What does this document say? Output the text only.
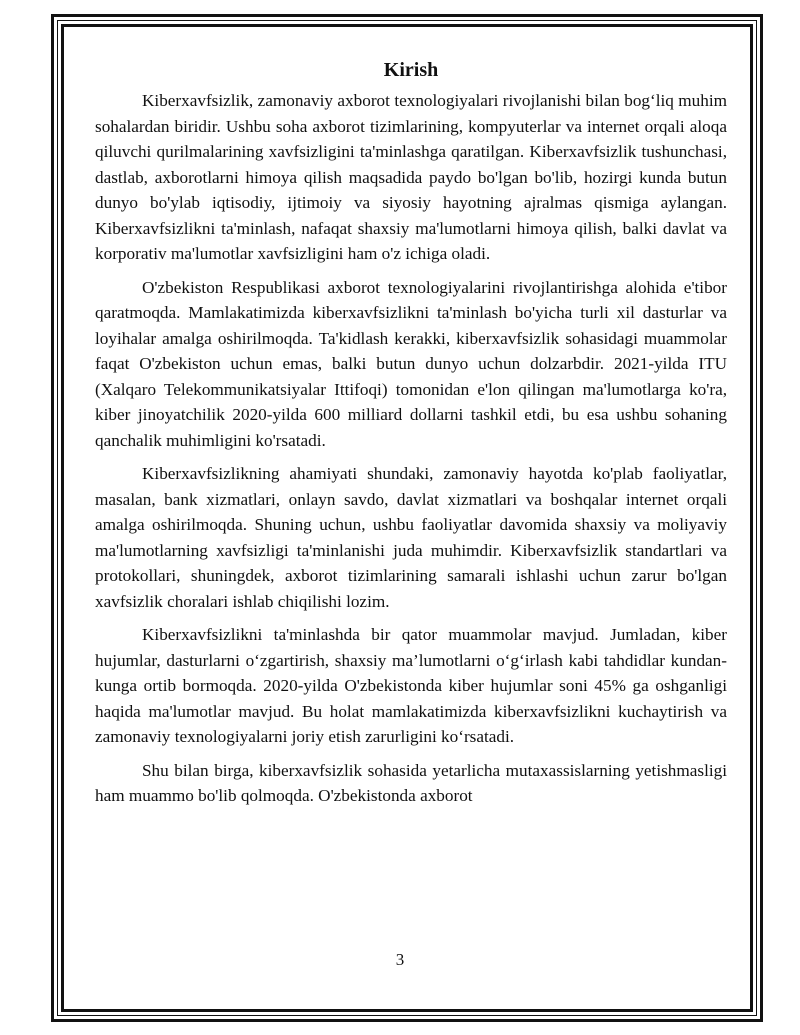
Kirish

Kiberxavfsizlik, zamonaviy axborot texnologiyalari rivojlanishi bilan bog‘liq muhim sohalardan biridir. Ushbu soha axborot tizimlarining, kompyuterlar va internet orqali aloqa qiluvchi qurilmalarining xavfsizligini ta'minlashga qaratilgan. Kiberxavfsizlik tushunchasi, dastlab, axborotlarni himoya qilish maqsadida paydo bo'lgan bo'lib, hozirgi kunda butun dunyo bo'ylab iqtisodiy, ijtimoiy va siyosiy hayotning ajralmas qismiga aylangan. Kiberxavfsizlikni ta'minlash, nafaqat shaxsiy ma'lumotlarni himoya qilish, balki davlat va korporativ ma'lumotlar xavfsizligini ham o'z ichiga oladi.

O'zbekiston Respublikasi axborot texnologiyalarini rivojlantirishga alohida e'tibor qaratmoqda. Mamlakatimizda kiberxavfsizlikni ta'minlash bo'yicha turli xil dasturlar va loyihalar amalga oshirilmoqda. Ta'kidlash kerakki, kiberxavfsizlik sohasidagi muammolar faqat O'zbekiston uchun emas, balki butun dunyo uchun dolzarbdir. 2021-yilda ITU (Xalqaro Telekommunikatsiyalar Ittifoqi) tomonidan e'lon qilingan ma'lumotlarga ko'ra, kiber jinoyatchilik 2020-yilda 600 milliard dollarni tashkil etdi, bu esa ushbu sohaning qanchalik muhimligini ko'rsatadi.

Kiberxavfsizlikning ahamiyati shundaki, zamonaviy hayotda ko'plab faoliyatlar, masalan, bank xizmatlari, onlayn savdo, davlat xizmatlari va boshqalar internet orqali amalga oshirilmoqda. Shuning uchun, ushbu faoliyatlar davomida shaxsiy va moliyaviy ma'lumotlarning xavfsizligi ta'minlanishi juda muhimdir. Kiberxavfsizlik standartlari va protokollari, shuningdek, axborot tizimlarining samarali ishlashi uchun zarur bo'lgan xavfsizlik choralari ishlab chiqilishi lozim.

Kiberxavfsizlikni ta'minlashda bir qator muammolar mavjud. Jumladan, kiber hujumlar, dasturlarni o‘zgartirish, shaxsiy ma’lumotlarni o‘g‘irlash kabi tahdidlar kundan-kunga ortib bormoqda. 2020-yilda O'zbekistonda kiber hujumlar soni 45% ga oshganligi haqida ma'lumotlar mavjud. Bu holat mamlakatimizda kiberxavfsizlikni kuchaytirish va zamonaviy texnologiyalarni joriy etish zarurligini ko‘rsatadi.

Shu bilan birga, kiberxavfsizlik sohasida yetarlicha mutaxassislarning yetishmasligi ham muammo bo'lib qolmoqda. O'zbekistonda axborot

3
